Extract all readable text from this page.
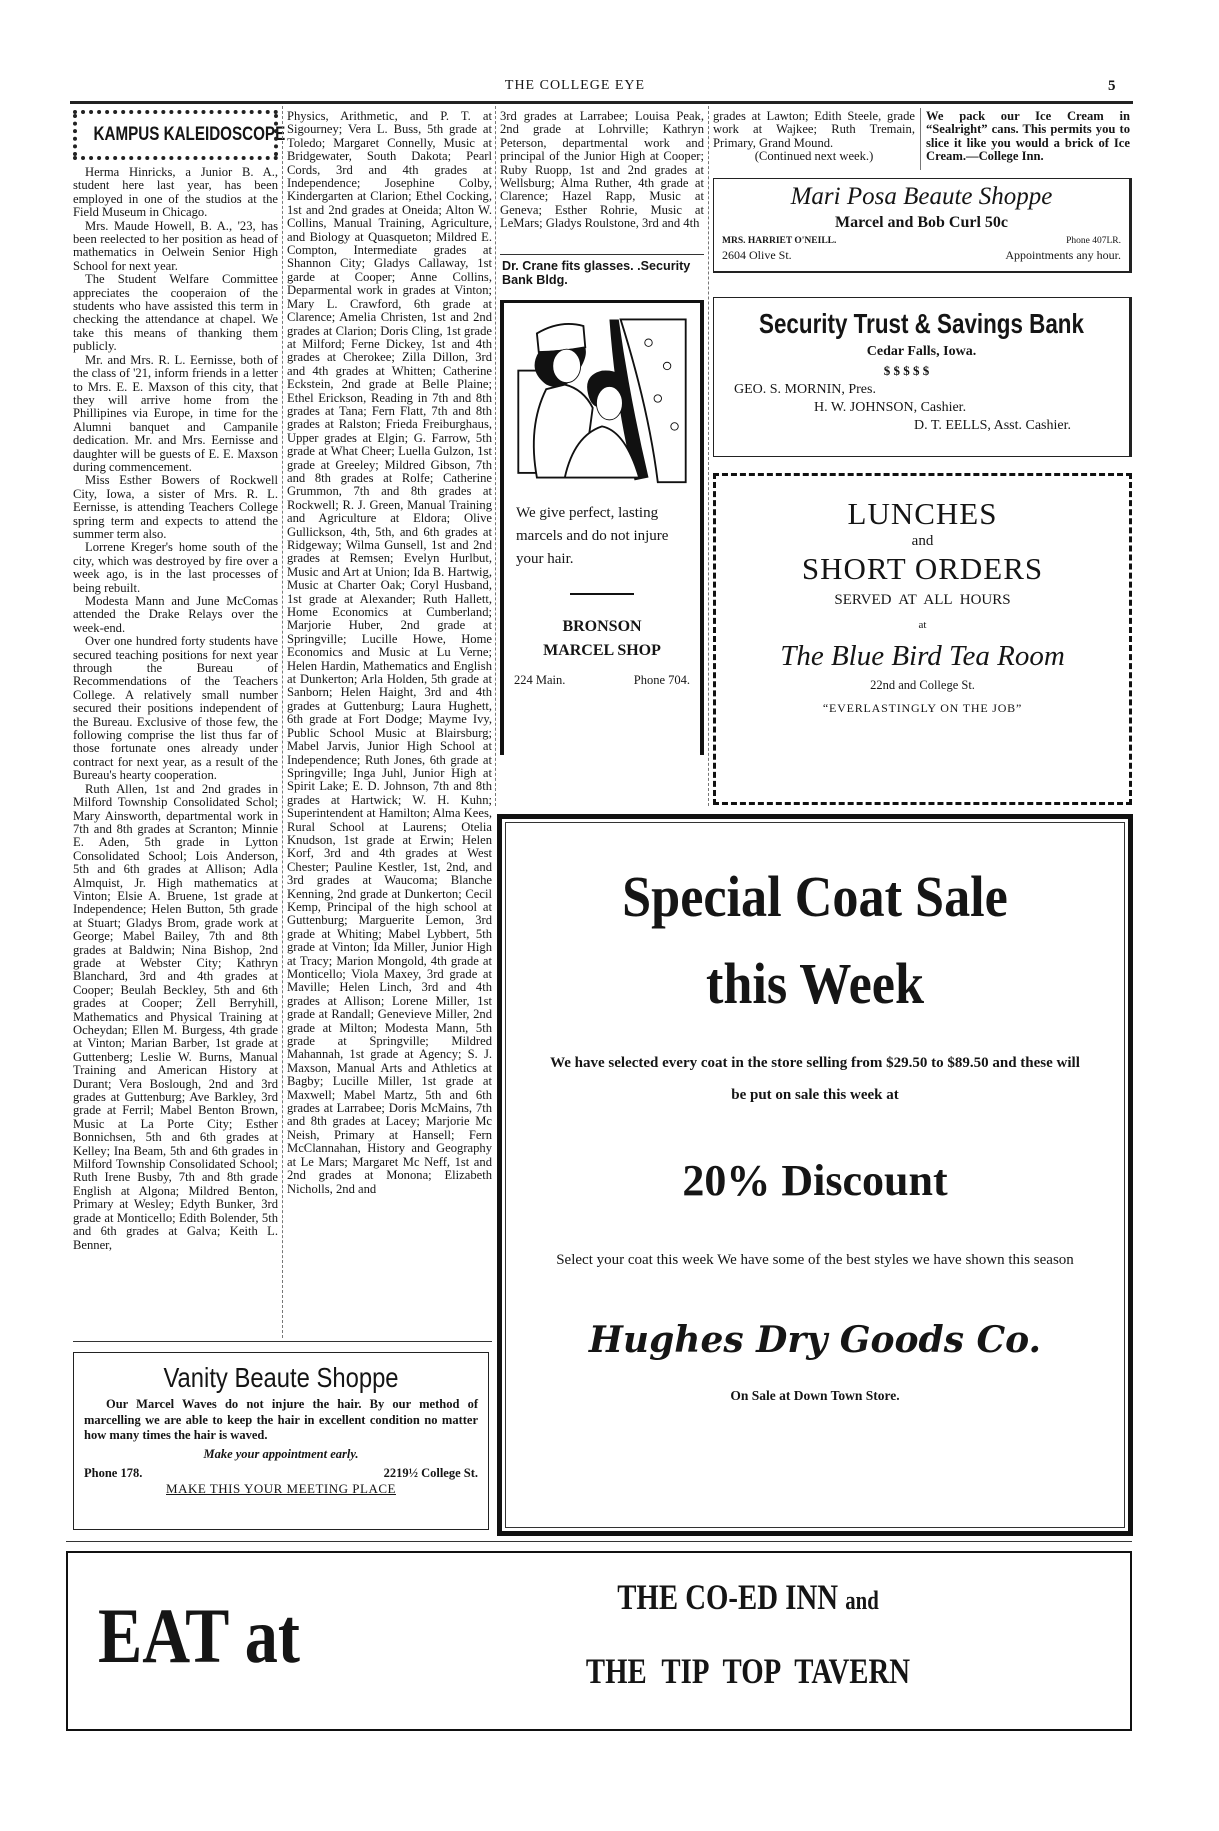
THE COLLEGE EYE	5
KAMPUS KALEIDOSCOPE

Herma Hinricks, a Junior B. A., student here last year, has been employed in one of the studios at the Field Museum in Chicago.

Mrs. Maude Howell, B. A., '23, has been reelected to her position as head of mathematics in Oelwein Senior High School for next year.

The Student Welfare Committee appreciates the cooperaion of the students who have assisted this term in checking the attendance at chapel. We take this means of thanking them publicly.

Mr. and Mrs. R. L. Eernisse, both of the class of '21, inform friends in a letter to Mrs. E. E. Maxson of this city, that they will arrive home from the Phillipines via Europe, in time for the Alumni banquet and Campanile dedication. Mr. and Mrs. Eernisse and daughter will be guests of E. E. Maxson during commencement.

Miss Esther Bowers of Rockwell City, Iowa, a sister of Mrs. R. L. Eernisse, is attending Teachers College spring term and expects to attend the summer term also.

Lorrene Kreger's home south of the city, which was destroyed by fire over a week ago, is in the last processes of being rebuilt.

Modesta Mann and June McComas attended the Drake Relays over the week-end.

Over one hundred forty students have secured teaching positions for next year through the Bureau of Recommendations of the Teachers College. A relatively small number secured their positions independent of the Bureau. Exclusive of those few, the following comprise the list thus far of those fortunate ones already under contract for next year, as a result of the Bureau's hearty cooperation.

Ruth Allen, 1st and 2nd grades in Milford Township Consolidated Schol; Mary Ainsworth, departmental work in 7th and 8th grades at Scranton; Minnie E. Aden, 5th grade in Lytton Consolidated School; Lois Anderson, 5th and 6th grades at Allison; Adla Almquist, Jr. High mathematics at Vinton; Elsie A. Bruene, 1st grade at Independence; Helen Button, 5th grade at Stuart; Gladys Brom, grade work at George; Mabel Bailey, 7th and 8th grades at Baldwin; Nina Bishop, 2nd grade at Webster City; Kathryn Blanchard, 3rd and 4th grades at Cooper; Beulah Beckley, 5th and 6th grades at Cooper; Zell Berryhill, Mathematics and Physical Training at Ocheydan; Ellen M. Burgess, 4th grade at Vinton; Marian Barber, 1st grade at Guttenberg; Leslie W. Burns, Manual Training and American History at Durant; Vera Boslough, 2nd and 3rd grades at Guttenburg; Ave Barkley, 3rd grade at Ferril; Mabel Benton Brown, Music at La Porte City; Esther Bonnichsen, 5th and 6th grades at Kelley; Ina Beam, 5th and 6th grades in Milford Township Consolidated School; Ruth Irene Busby, 7th and 8th grade English at Algona; Mildred Benton, Primary at Wesley; Edyth Bunker, 3rd grade at Monticello; Edith Bolender, 5th and 6th grades at Galva; Keith L. Benner,

Physics, Arithmetic, and P. T. at Sigourney; Vera L. Buss, 5th grade at Toledo; Margaret Connelly, Music at Bridgewater, South Dakota; Pearl Cords, 3rd and 4th grades at Independence; Josephine Colby, Kindergarten at Clarion; Ethel Cocking, 1st and 2nd grades at Oneida; Alton W. Collins, Manual Training, Agriculture, and Biology at Quasqueton; Mildred E. Compton, Intermediate grades at Shannon City; Gladys Callaway, 1st garde at Cooper; Anne Collins, Deparmental work in grades at Vinton; Mary L. Crawford, 6th grade at Clarence; Amelia Christen, 1st and 2nd grades at Clarion; Doris Cling, 1st grade at Milford; Ferne Dickey, 1st and 4th grades at Cherokee; Zilla Dillon, 3rd and 4th grades at Whitten; Catherine Eckstein, 2nd grade at Belle Plaine; Ethel Erickson, Reading in 7th and 8th grades at Tana; Fern Flatt, 7th and 8th grades at Ralston; Frieda Freiburghaus, Upper grades at Elgin; G. Farrow, 5th grade at What Cheer; Luella Gulzon, 1st grade at Greeley; Mildred Gibson, 7th and 8th grades at Rolfe; Catherine Grummon, 7th and 8th grades at Rockwell; R. J. Green, Manual Training and Agriculture at Eldora; Olive Gullickson, 4th, 5th, and 6th grades at Ridgeway; Wilma Gunsell, 1st and 2nd grades at Remsen; Evelyn Hurlbut, Music and Art at Union; Ida B. Hartwig, Music at Charter Oak; Coryl Husband, 1st grade at Alexander; Ruth Hallett, Home Economics at Cumberland; Marjorie Huber, 2nd grade at Springville; Lucille Howe, Home Economics and Music at Lu Verne; Helen Hardin, Mathematics and English at Dunkerton; Arla Holden, 5th grade at Sanborn; Helen Haight, 3rd and 4th grades at Guttenburg; Laura Hughett, 6th grade at Fort Dodge; Mayme Ivy, Public School Music at Blairsburg; Mabel Jarvis, Junior High School at Independence; Ruth Jones, 6th grade at Springville; Inga Juhl, Junior High at Spirit Lake; E. D. Johnson, 7th and 8th grades at Hartwick; W. H. Kuhn; Superintendent at Hamilton; Alma Kees, Rural School at Laurens; Otelia Knudson, 1st grade at Erwin; Helen Korf, 3rd and 4th grades at West Chester; Pauline Kestler, 1st, 2nd, and 3rd grades at Waucoma; Blanche Kenning, 2nd grade at Dunkerton; Cecil Kemp, Principal of the high school at Guttenburg; Marguerite Lemon, 3rd grade at Whiting; Mabel Lybbert, 5th grade at Vinton; Ida Miller, Junior High at Tracy; Marion Mongold, 4th grade at Monticello; Viola Maxey, 3rd grade at Maville; Helen Linch, 3rd and 4th grades at Allison; Lorene Miller, 1st grade at Randall; Genevieve Miller, 2nd grade at Milton; Modesta Mann, 5th grade at Springville; Mildred Mahannah, 1st grade at Agency; S. J. Maxson, Manual Arts and Athletics at Bagby; Lucille Miller, 1st grade at Maxwell; Mabel Martz, 5th and 6th grades at Larrabee; Doris McMains, 7th and 8th grades at Lacey; Marjorie Mc Neish, Primary at Hansell; Fern McClannahan, History and Geography at Le Mars; Margaret Mc Neff, 1st and 2nd grades at Monona; Elizabeth Nicholls, 2nd and

3rd grades at Larrabee; Louisa Peak, 2nd grade at Lohrville; Kathryn Peterson, departmental work and principal of the Junior High at Cooper; Ruby Ruopp, 1st and 2nd grades at Wellsburg; Alma Ruther, 4th grade at Clarence; Hazel Rapp, Music at Geneva; Esther Rohrie, Music at LeMars; Gladys Roulstone, 3rd and 4th

Dr. Crane fits glasses. .Security Bank Bldg.
We give perfect, lasting marcels and do not injure your hair.
BRONSON
MARCEL SHOP
224 Main.	Phone 704.

grades at Lawton; Edith Steele, grade work at Wajkee; Ruth Tremain, Primary, Grand Mound.

(Continued next week.)

We pack our Ice Cream in “Sealright” cans. This permits you to slice it like you would a brick of Ice Cream.—College Inn.
Mari Posa Beaute Shoppe
Marcel and Bob Curl 50c
MRS. HARRIET O'NEILL.	Phone 407LR.
2604 Olive St.	Appointments any hour.
Security Trust & Savings Bank
Cedar Falls, Iowa.
$ $ $ $ $
GEO. S. MORNIN, Pres.
H. W. JOHNSON, Cashier.
D. T. EELLS, Asst. Cashier.
LUNCHES
and
SHORT ORDERS
SERVED AT ALL HOURS
at
The Blue Bird Tea Room
22nd and College St.
“EVERLASTINGLY ON THE JOB”
Special Coat Sale
this Week
We have selected every coat in the store selling from $29.50 to $89.50 and these will be put on sale this week at
20% Discount
Select your coat this week We have some of the best styles we have shown this season
Hughes Dry Goods Co.
On Sale at Down Town Store.
Vanity Beaute Shoppe
Our Marcel Waves do not injure the hair. By our method of marcelling we are able to keep the hair in excellent condition no matter how many times the hair is waved.
Make your appointment early.
Phone 178.	2219½ College St.
MAKE THIS YOUR MEETING PLACE
EAT at	THE CO-ED INN and
THE TIP TOP TAVERN
